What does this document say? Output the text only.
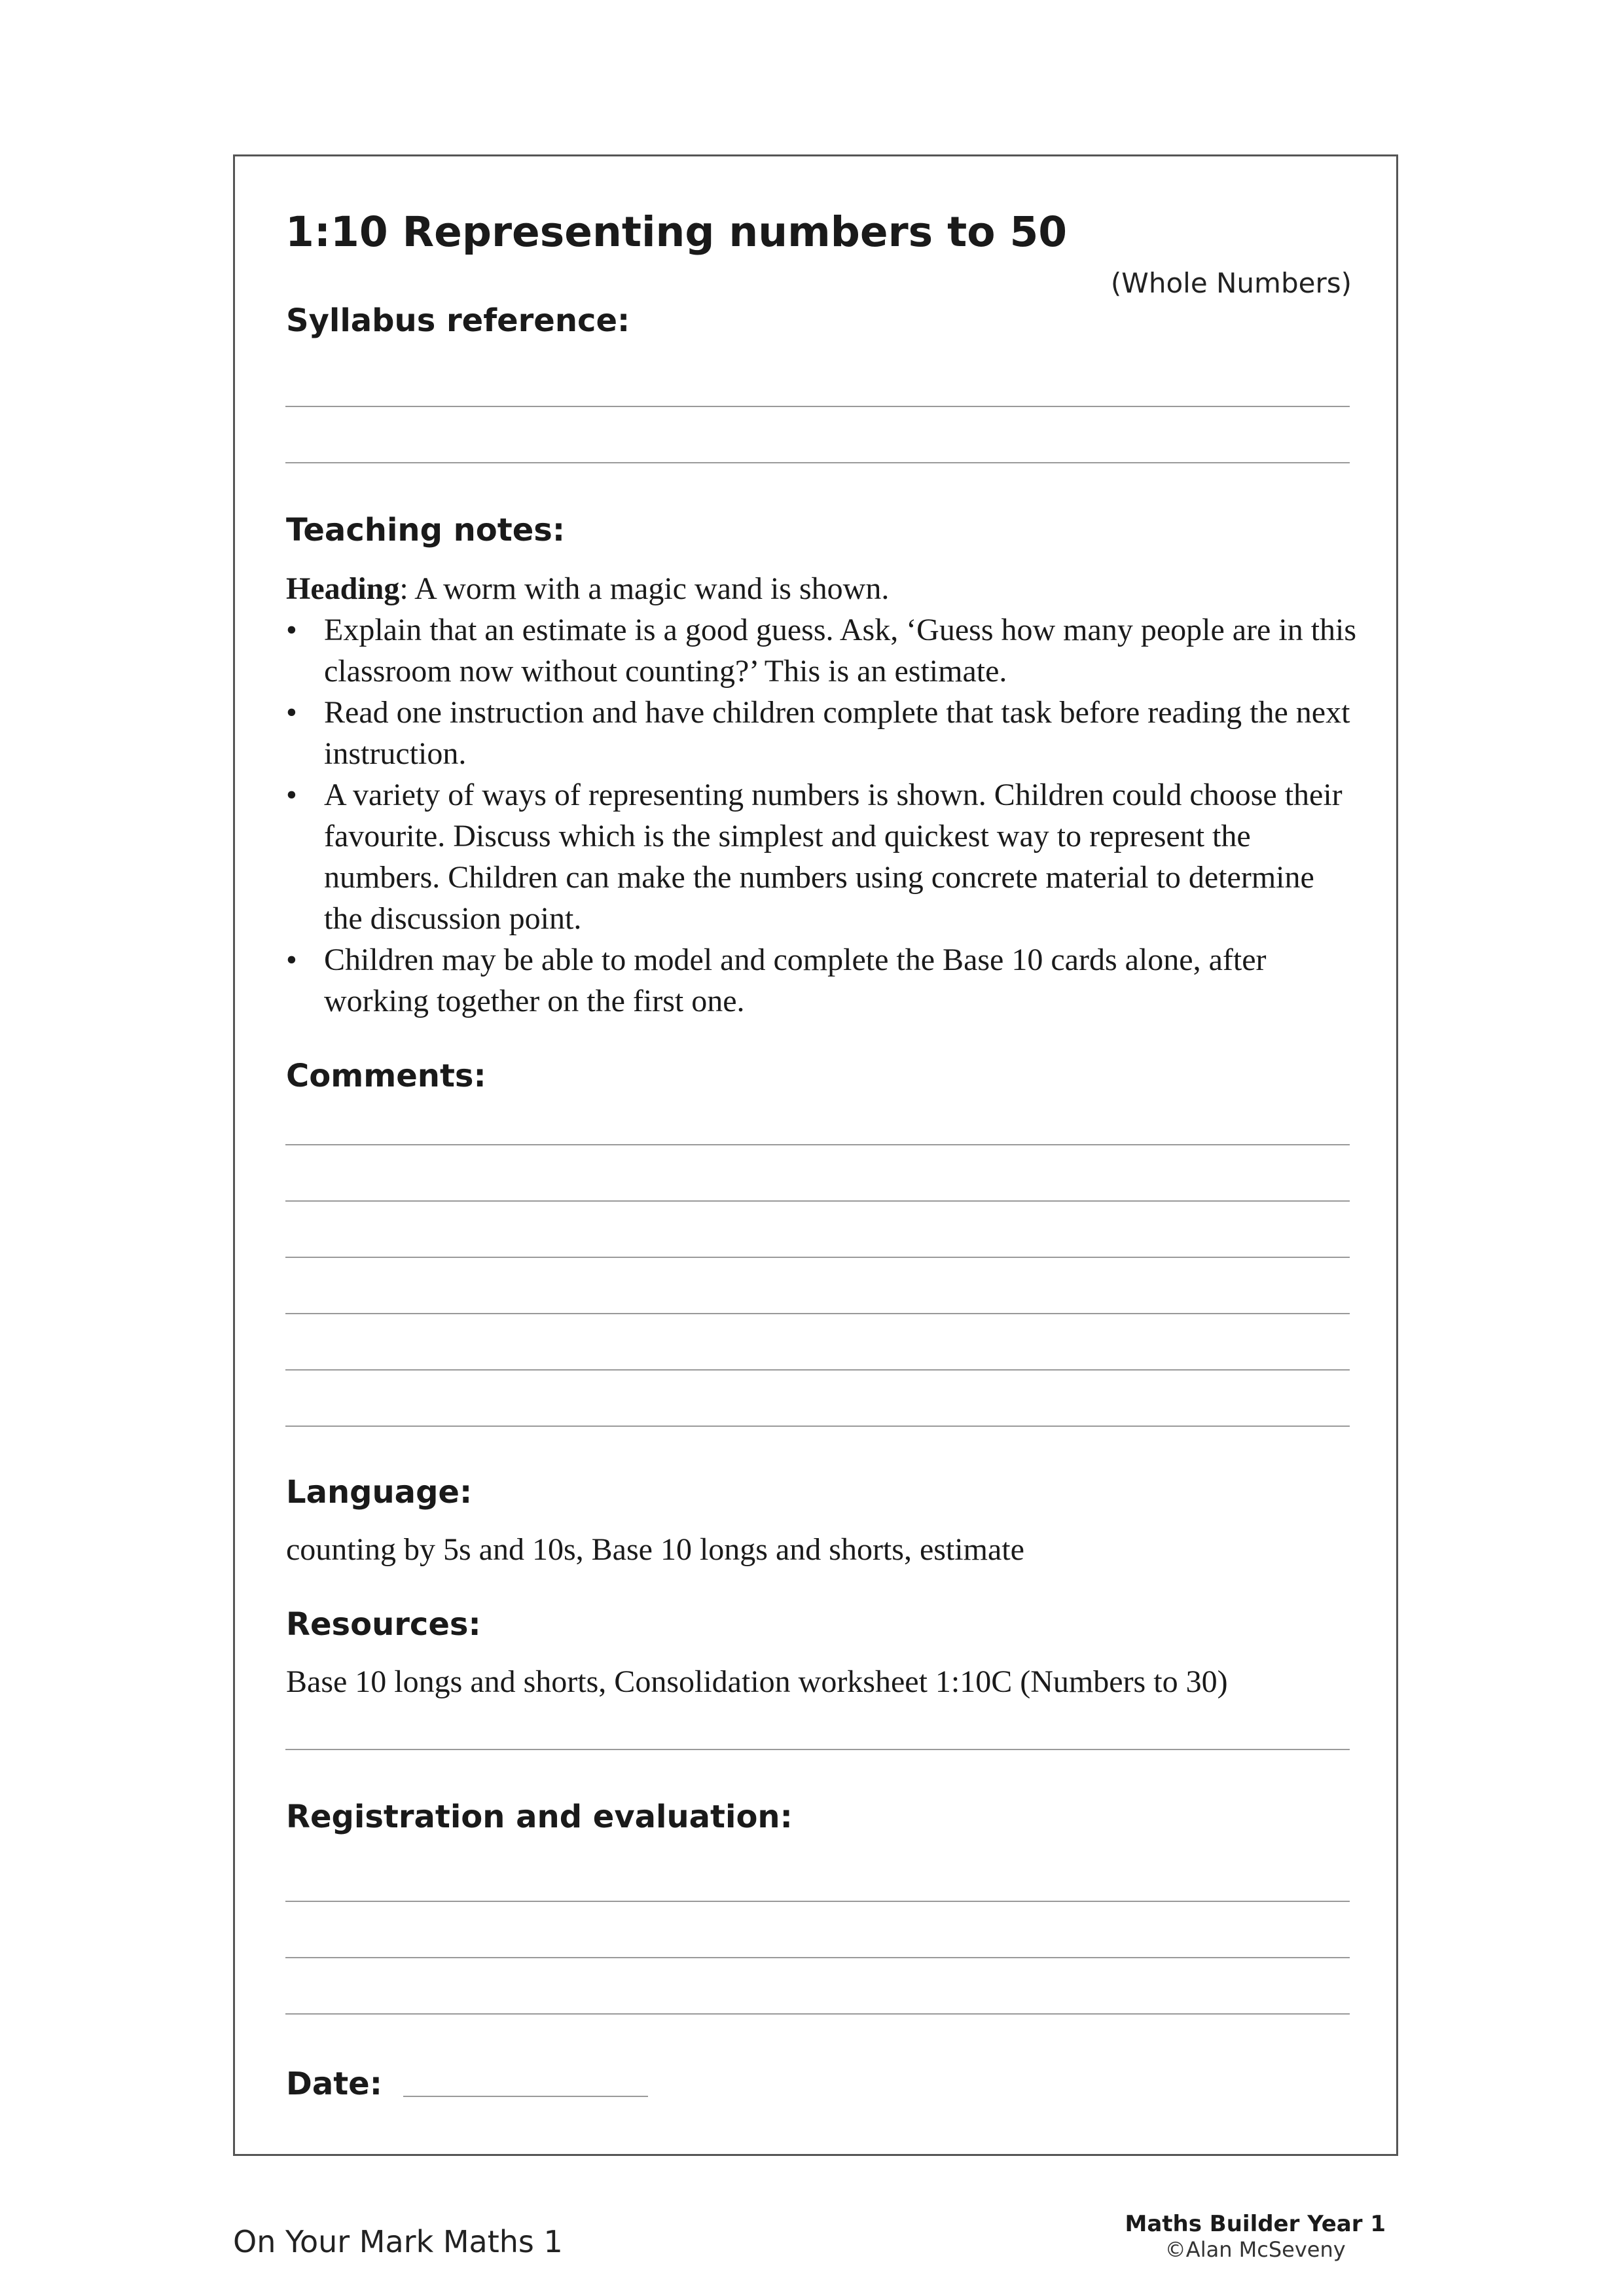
1:10 Representing numbers to 50
(Whole Numbers)
Syllabus reference:
Teaching notes:

Heading: A worm with a magic wand is shown.

• Explain that an estimate is a good guess. Ask, ‘Guess how many people are in this classroom now without counting?’ This is an estimate.
• Read one instruction and have children complete that task before reading the next instruction.
• A variety of ways of representing numbers is shown. Children could choose their favourite. Discuss which is the simplest and quickest way to represent the numbers. Children can make the numbers using concrete material to determine the discussion point.
• Children may be able to model and complete the Base 10 cards alone, after working together on the first one.
Comments:
Language:
counting by 5s and 10s, Base 10 longs and shorts, estimate
Resources:
Base 10 longs and shorts, Consolidation worksheet 1:10C (Numbers to 30)
Registration and evaluation:
Date:
On Your Mark Maths 1	Maths Builder Year 1
©Alan McSeveny
